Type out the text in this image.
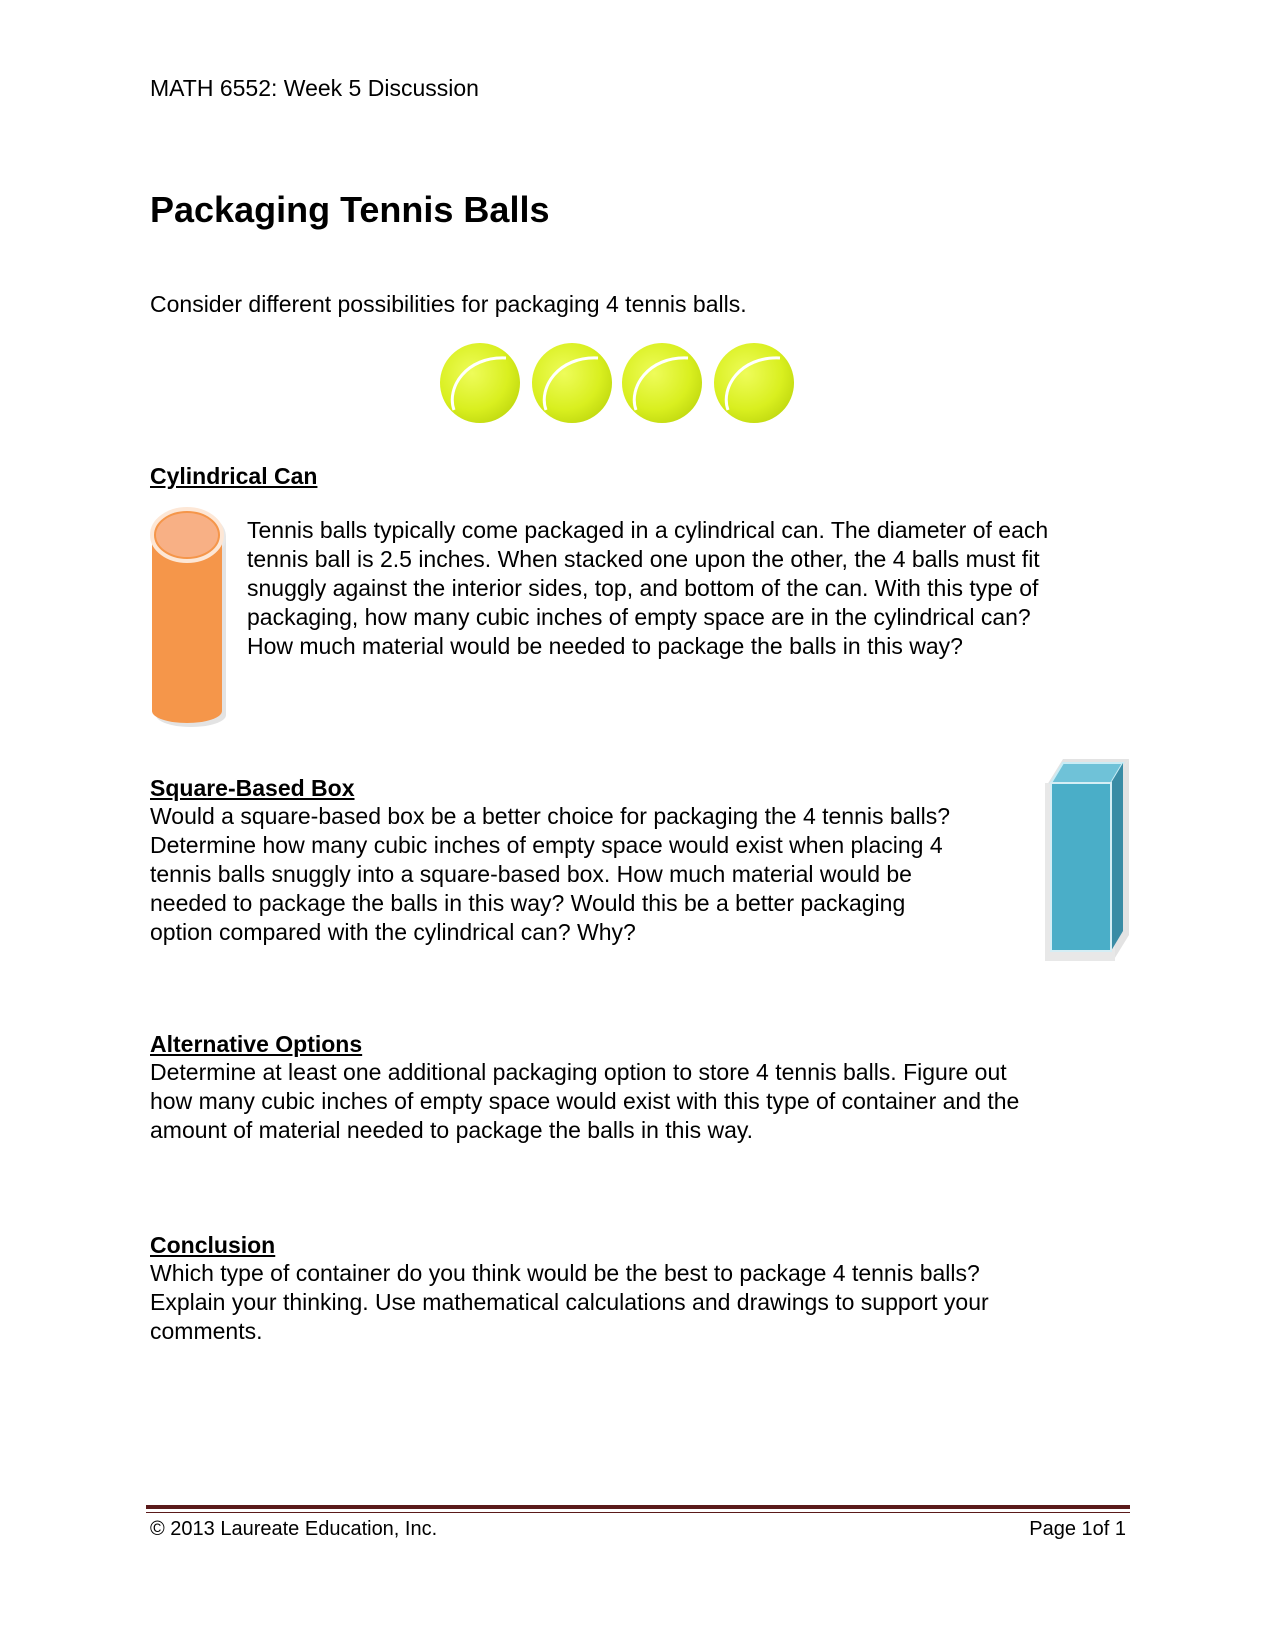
MATH 6552: Week 5 Discussion
Packaging Tennis Balls

Consider different possibilities for packaging 4 tennis balls.

Cylindrical Can

Tennis balls typically come packaged in a cylindrical can. The diameter of each

tennis ball is 2.5 inches. When stacked one upon the other, the 4 balls must fit

snuggly against the interior sides, top, and bottom of the can. With this type of

packaging, how many cubic inches of empty space are in the cylindrical can?

How much material would be needed to package the balls in this way?

Square-Based Box

Would a square-based box be a better choice for packaging the 4 tennis balls?

Determine how many cubic inches of empty space would exist when placing 4

tennis balls snuggly into a square-based box. How much material would be

needed to package the balls in this way? Would this be a better packaging

option compared with the cylindrical can? Why?

Alternative Options

Determine at least one additional packaging option to store 4 tennis balls. Figure out

how many cubic inches of empty space would exist with this type of container and the

amount of material needed to package the balls in this way.

Conclusion

Which type of container do you think would be the best to package 4 tennis balls?

Explain your thinking. Use mathematical calculations and drawings to support your

comments.

© 2013 Laureate Education, Inc.	Page 1of 1
